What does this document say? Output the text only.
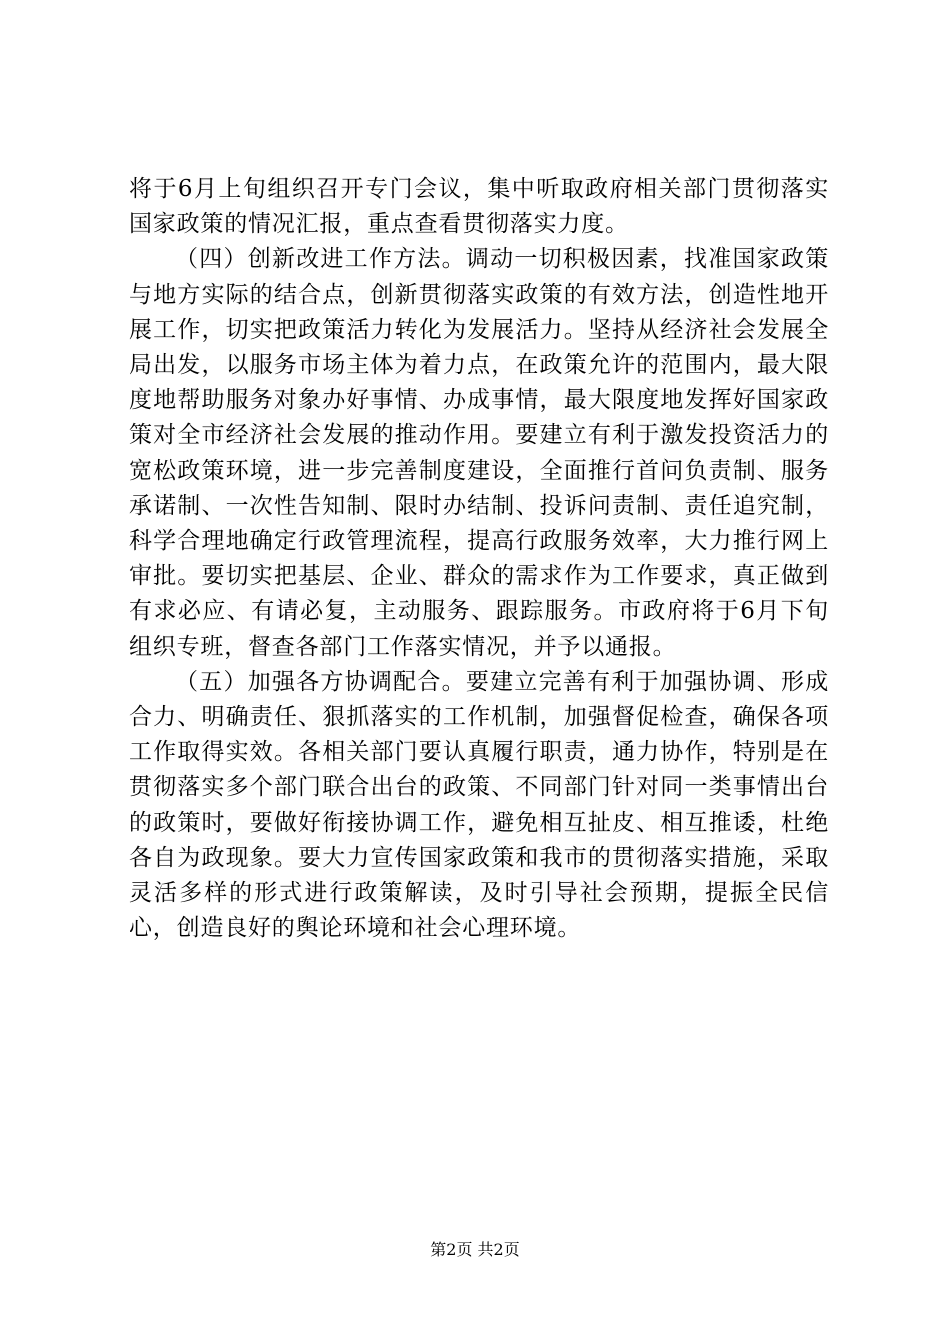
将于6月上旬组织召开专门会议，集中听取政府相关部门贯彻落实国家政策的情况汇报，重点查看贯彻落实力度。

（四）创新改进工作方法。调动一切积极因素，找准国家政策与地方实际的结合点，创新贯彻落实政策的有效方法，创造性地开展工作，切实把政策活力转化为发展活力。坚持从经济社会发展全局出发，以服务市场主体为着力点，在政策允许的范围内，最大限度地帮助服务对象办好事情、办成事情，最大限度地发挥好国家政策对全市经济社会发展的推动作用。要建立有利于激发投资活力的宽松政策环境，进一步完善制度建设，全面推行首问负责制、服务承诺制、一次性告知制、限时办结制、投诉问责制、责任追究制，科学合理地确定行政管理流程，提高行政服务效率，大力推行网上审批。要切实把基层、企业、群众的需求作为工作要求，真正做到有求必应、有请必复，主动服务、跟踪服务。市政府将于6月下旬组织专班，督查各部门工作落实情况，并予以通报。

（五）加强各方协调配合。要建立完善有利于加强协调、形成合力、明确责任、狠抓落实的工作机制，加强督促检查，确保各项工作取得实效。各相关部门要认真履行职责，通力协作，特别是在贯彻落实多个部门联合出台的政策、不同部门针对同一类事情出台的政策时，要做好衔接协调工作，避免相互扯皮、相互推诿，杜绝各自为政现象。要大力宣传国家政策和我市的贯彻落实措施，采取灵活多样的形式进行政策解读，及时引导社会预期，提振全民信心，创造良好的舆论环境和社会心理环境。

第2页 共2页
